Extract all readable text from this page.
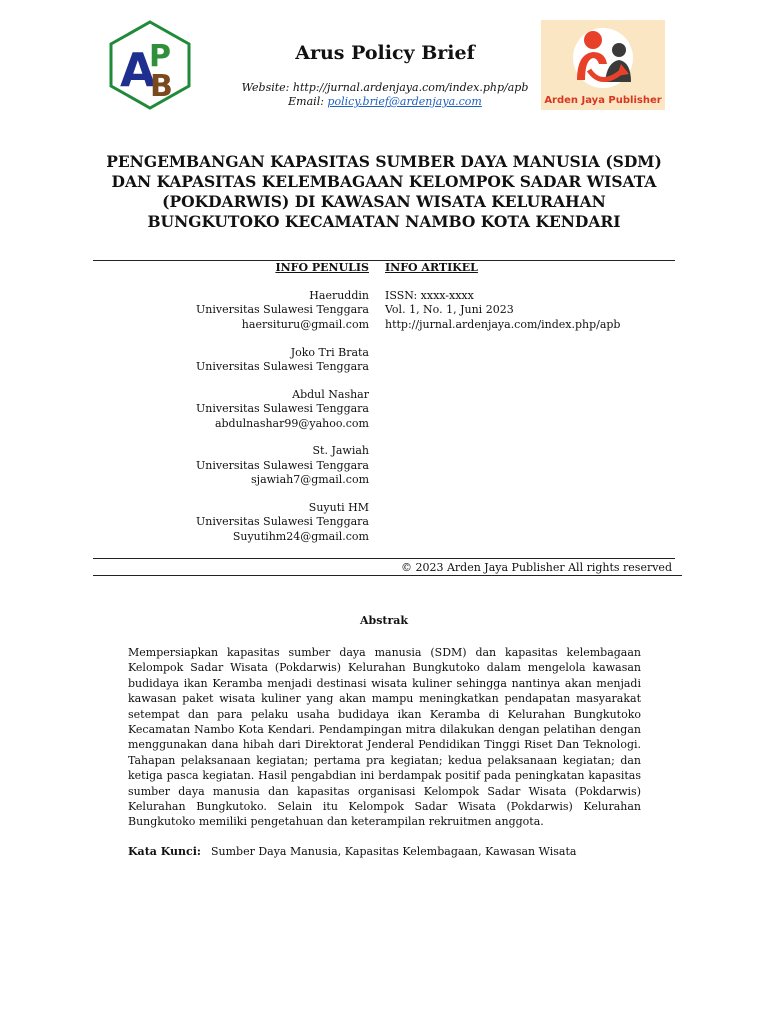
A
P
B
Arus Policy Brief
Website: http://jurnal.ardenjaya.com/index.php/apb
Email: policy.brief@ardenjaya.com	Arden Jaya Publisher
PENGEMBANGAN KAPASITAS SUMBER DAYA MANUSIA (SDM) DAN KAPASITAS KELEMBAGAAN KELOMPOK SADAR WISATA (POKDARWIS) DI KAWASAN WISATA KELURAHAN BUNGKUTOKO KECAMATAN NAMBO KOTA KENDARI
INFO PENULIS INFO ARTIKEL
Haeruddin
Universitas Sulawesi Tenggara
haersituru@gmail.com
Joko Tri Brata
Universitas Sulawesi Tenggara
Abdul Nashar
Universitas Sulawesi Tenggara
abdulnashar99@yahoo.com
St. Jawiah
Universitas Sulawesi Tenggara
sjawiah7@gmail.com
Suyuti HM
Universitas Sulawesi Tenggara
Suyutihm24@gmail.com
ISSN: xxxx-xxxx
Vol. 1, No. 1, Juni 2023
http://jurnal.ardenjaya.com/index.php/apb
© 2023 Arden Jaya Publisher All rights reserved
Abstrak
Mempersiapkan kapasitas sumber daya manusia (SDM) dan kapasitas kelembagaan Kelompok Sadar Wisata (Pokdarwis) Kelurahan Bungkutoko dalam mengelola kawasan budidaya ikan Keramba menjadi destinasi wisata kuliner sehingga nantinya akan menjadi kawasan paket wisata kuliner yang akan mampu meningkatkan pendapatan masyarakat setempat dan para pelaku usaha budidaya ikan Keramba di Kelurahan Bungkutoko Kecamatan Nambo Kota Kendari. Pendampingan mitra dilakukan dengan pelatihan dengan menggunakan dana hibah dari Direktorat Jenderal Pendidikan Tinggi Riset Dan Teknologi. Tahapan pelaksanaan kegiatan; pertama pra kegiatan; kedua pelaksanaan kegiatan; dan ketiga pasca kegiatan. Hasil pengabdian ini berdampak positif pada peningkatan kapasitas sumber daya manusia dan kapasitas organisasi Kelompok Sadar Wisata (Pokdarwis) Kelurahan Bungkutoko. Selain itu Kelompok Sadar Wisata (Pokdarwis) Kelurahan Bungkutoko memiliki pengetahuan dan keterampilan rekruitmen anggota.
Kata Kunci: Sumber Daya Manusia, Kapasitas Kelembagaan, Kawasan Wisata
